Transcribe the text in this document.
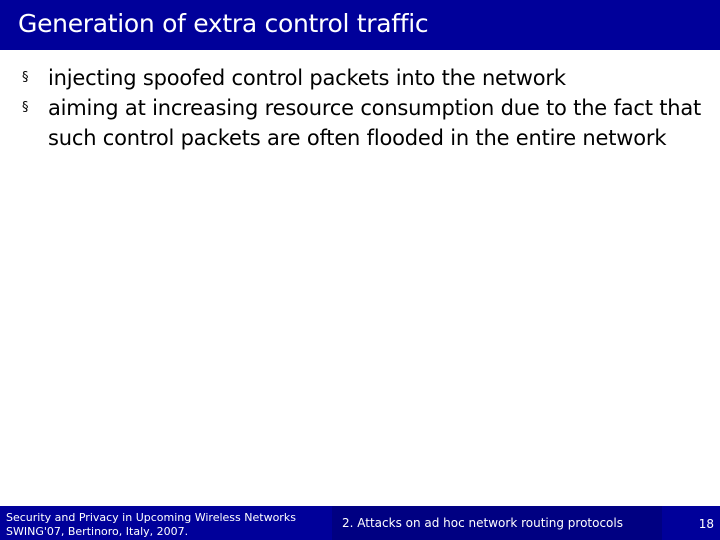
Generation of extra control traffic
§ injecting spoofed control packets into the network
§ aiming at increasing resource consumption due to the fact that such control packets are often flooded in the entire network
Security and Privacy in Upcoming Wireless Networks
SWING'07, Bertinoro, Italy, 2007.
2. Attacks on ad hoc network routing protocols	18
